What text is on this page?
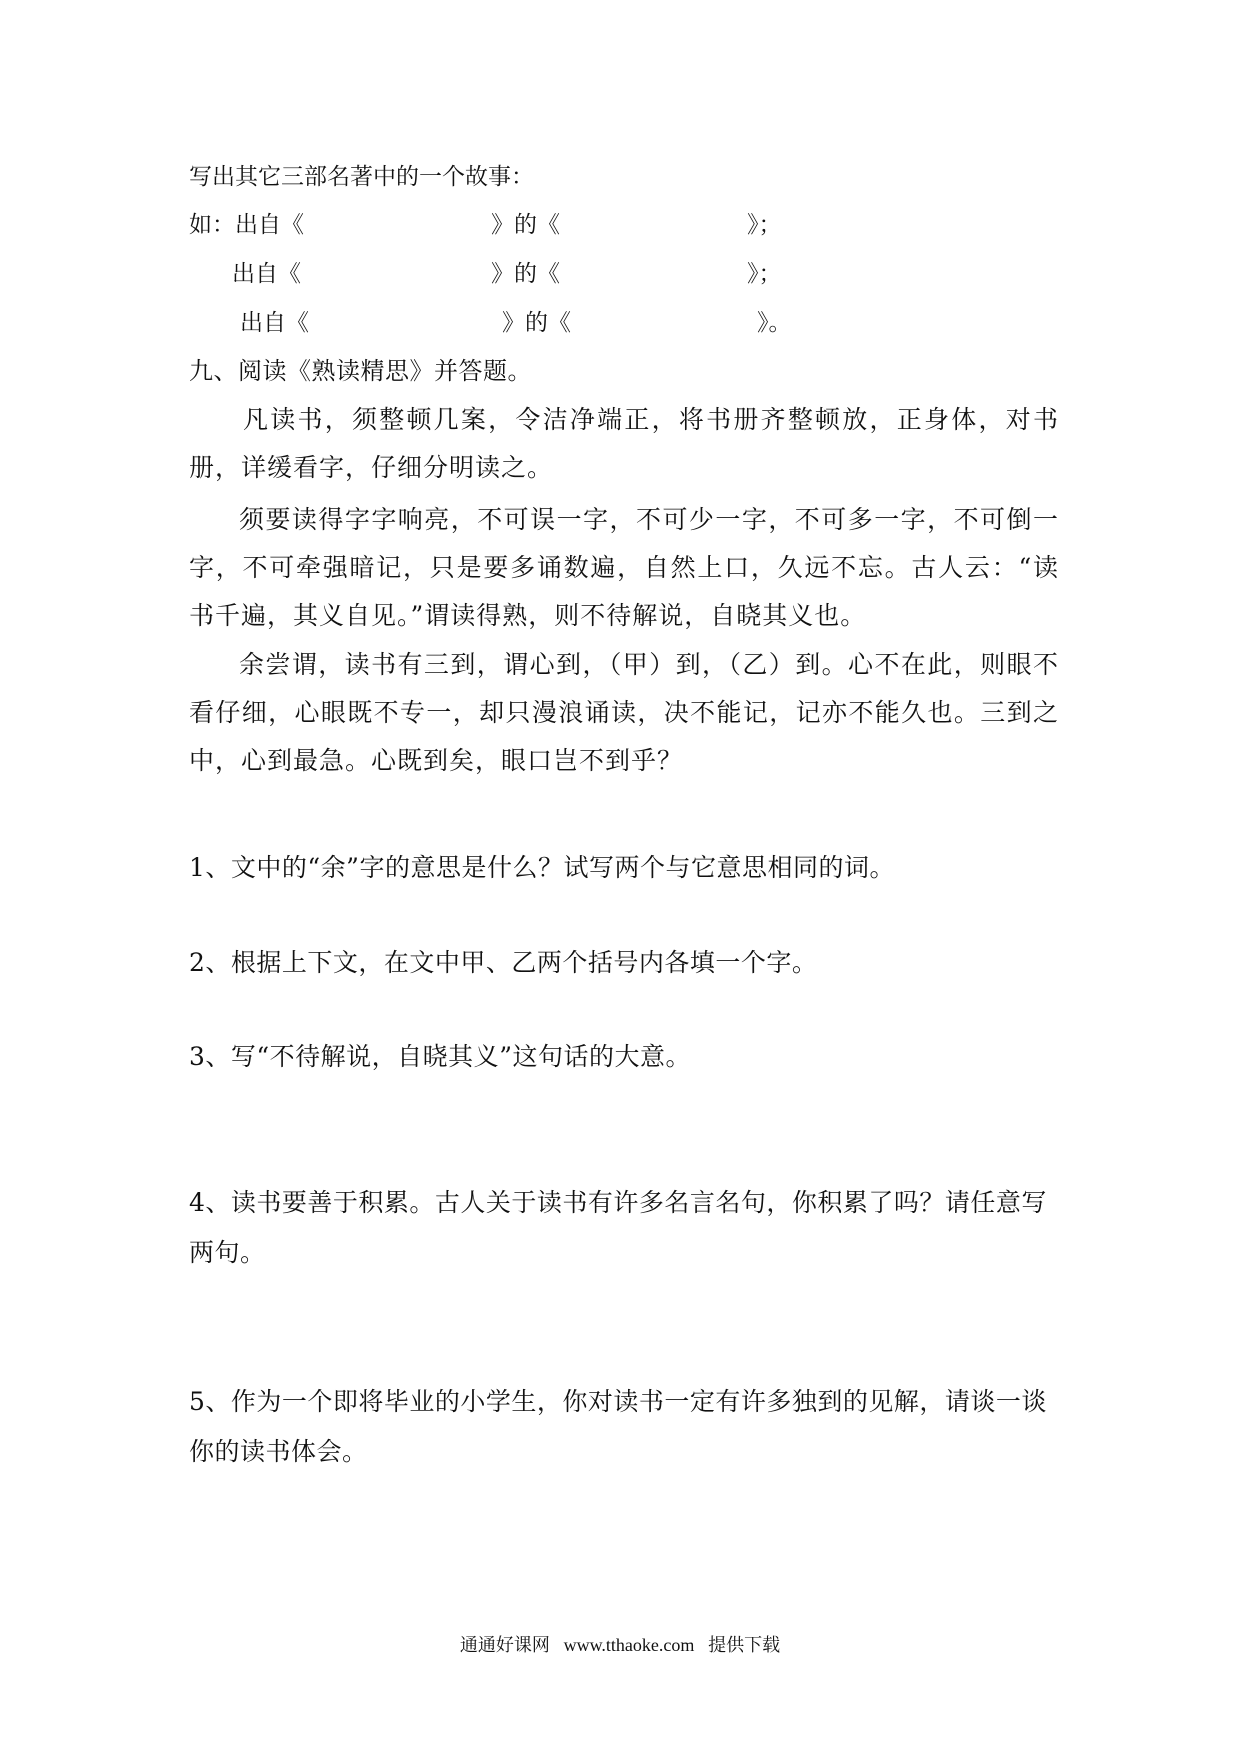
写出其它三部名著中的一个故事：
如：出自《	》的《	》；
出自《	》的《	》；
出自《	》的《	》。
九、阅读《熟读精思》并答题。
凡读书，须整顿几案，令洁净端正，将书册齐整顿放，正身体，对书册，详缓看字，仔细分明读之。
须要读得字字响亮，不可误一字，不可少一字，不可多一字，不可倒一字，不可牵强暗记，只是要多诵数遍，自然上口，久远不忘。古人云：“读书千遍，其义自见。”谓读得熟，则不待解说，自晓其义也。
余尝谓，读书有三到，谓心到，（甲）到，（乙）到。心不在此，则眼不看仔细，心眼既不专一，却只漫浪诵读，决不能记，记亦不能久也。三到之中，心到最急。心既到矣，眼口岂不到乎？
1、文中的“余”字的意思是什么？试写两个与它意思相同的词。
2、根据上下文，在文中甲、乙两个括号内各填一个字。
3、写“不待解说，自晓其义”这句话的大意。
4、读书要善于积累。古人关于读书有许多名言名句，你积累了吗？请任意写两句。
5、作为一个即将毕业的小学生，你对读书一定有许多独到的见解，请谈一谈你的读书体会。
通通好课网 www.tthaoke.com 提供下载
